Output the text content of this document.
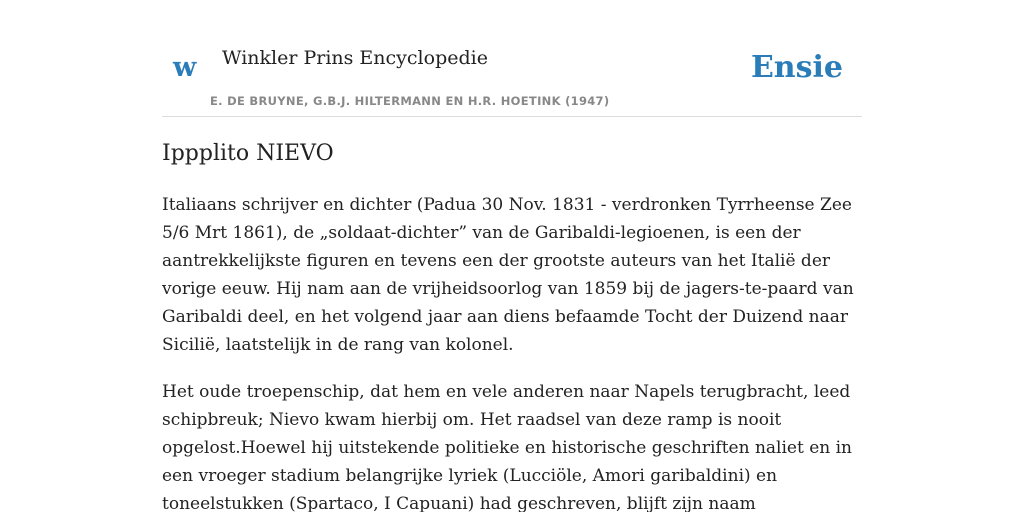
w Winkler Prins Encyclopedie
E. DE BRUYNE, G.B.J. HILTERMANN EN H.R. HOETINK (1947)
Ensie
Ippplito NIEVO

Italiaans schrijver en dichter (Padua 30 Nov. 1831 - verdronken Tyrrheense Zee 5/6 Mrt 1861), de „soldaat-dichter” van de Garibaldi-legioenen, is een der aantrekkelijkste figuren en tevens een der grootste auteurs van het Italië der vorige eeuw. Hij nam aan de vrijheidsoorlog van 1859 bij de jagers-te-paard van Garibaldi deel, en het volgend jaar aan diens befaamde Tocht der Duizend naar Sicilië, laatstelijk in de rang van kolonel.

Het oude troepenschip, dat hem en vele anderen naar Napels terugbracht, leed schipbreuk; Nievo kwam hierbij om. Het raadsel van deze ramp is nooit opgelost.Hoewel hij uitstekende politieke en historische geschriften naliet en in een vroeger stadium belangrijke lyriek (Lucciöle, Amori garibaldini) en toneelstukken (Spartaco, I Capuani) had geschreven, blijft zijn naam
